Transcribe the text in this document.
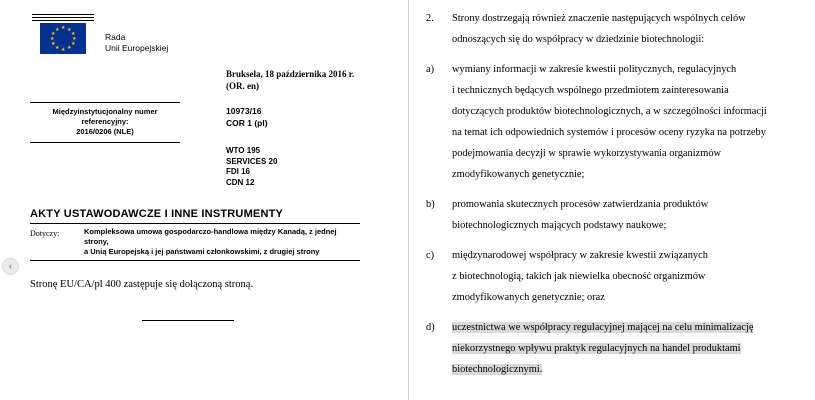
★ ★
★
★
★
★
★
★
★
★
★
★
Rada
Unii Europejskiej
Bruksela, 18 października 2016 r.
(OR. en)
10973/16
COR 1 (pl)
WTO 195
SERVICES 20
FDI 16
CDN 12
Międzyinstytucjonalny numer
referencyjny:
2016/0206 (NLE)
AKTY USTAWODAWCZE I INNE INSTRUMENTY
Dotyczy:	Kompleksowa umowa gospodarczo-handlowa między Kanadą, z jednej strony,
a Unią Europejską i jej państwami członkowskimi, z drugiej strony
Stronę EU/CA/pl 400 zastępuje się dołączoną stroną.
2.	Strony dostrzegają również znaczenie następujących wspólnych celów
odnoszących się do współpracy w dziedzinie biotechnologii:
a)	wymiany informacji w zakresie kwestii politycznych, regulacyjnych
i technicznych będących wspólnego przedmiotem zainteresowania
dotyczących produktów biotechnologicznych, a w szczególności informacji
na temat ich odpowiednich systemów i procesów oceny ryzyka na potrzeby
podejmowania decyzji w sprawie wykorzystywania organizmów
zmodyfikowanych genetycznie;
b)	promowania skutecznych procesów zatwierdzania produktów
biotechnologicznych mających podstawy naukowe;
c)	międzynarodowej współpracy w zakresie kwestii związanych
z biotechnologią, takich jak niewielka obecność organizmów
zmodyfikowanych genetycznie; oraz
d)	uczestnictwa we współpracy regulacyjnej mającej na celu minimalizację
niekorzystnego wpływu praktyk regulacyjnych na handel produktami
biotechnologicznymi.
‹
